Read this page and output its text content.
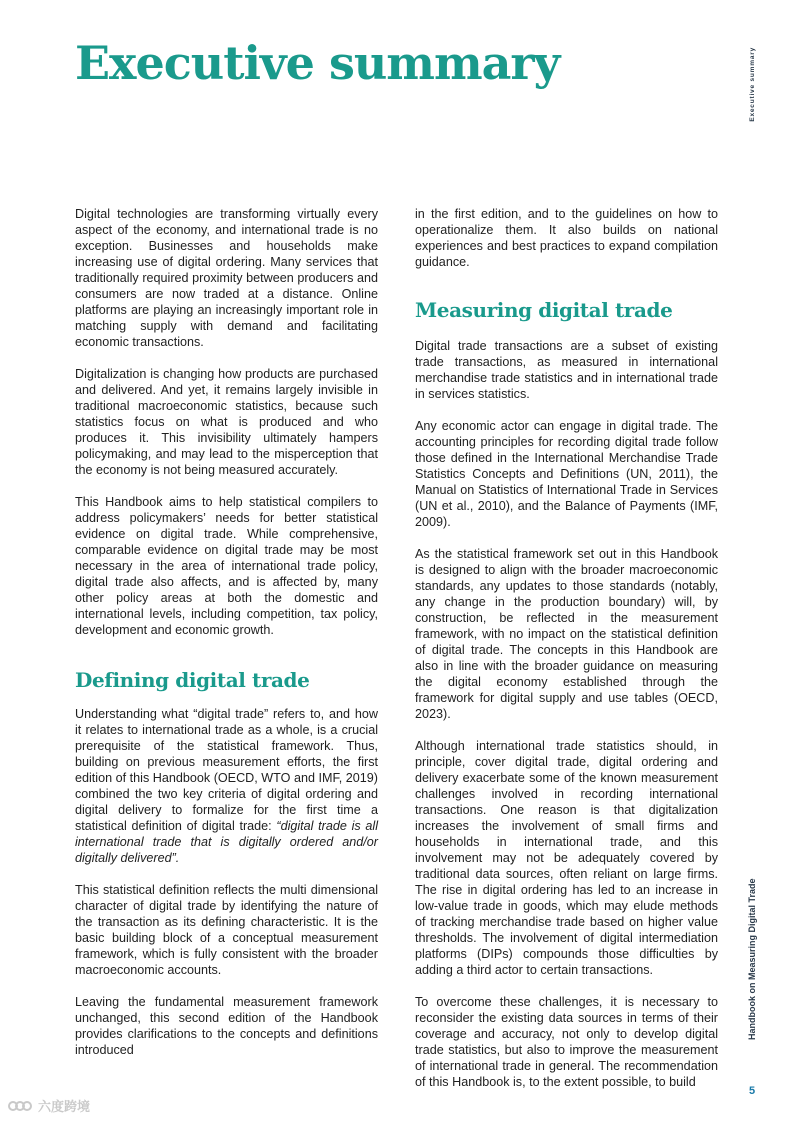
Executive summary	Executive summary

Digital technologies are transforming virtually every aspect of the economy, and international trade is no exception. Businesses and households make increasing use of digital ordering. Many services that traditionally required proximity between producers and consumers are now traded at a distance. Online platforms are playing an increasingly important role in matching supply with demand and facilitating economic transactions.

Digitalization is changing how products are purchased and delivered. And yet, it remains largely invisible in traditional macroeconomic statistics, because such statistics focus on what is produced and who produces it. This invisibility ultimately hampers policymaking, and may lead to the misperception that the economy is not being measured accurately.

This Handbook aims to help statistical compilers to address policymakers’ needs for better statistical evidence on digital trade. While comprehensive, comparable evidence on digital trade may be most necessary in the area of international trade policy, digital trade also affects, and is affected by, many other policy areas at both the domestic and international levels, including competition, tax policy, development and economic growth.

Defining digital trade

Understanding what “digital trade” refers to, and how it relates to international trade as a whole, is a crucial prerequisite of the statistical framework. Thus, building on previous measurement efforts, the first edition of this Handbook (OECD, WTO and IMF, 2019) combined the two key criteria of digital ordering and digital delivery to formalize for the first time a statistical definition of digital trade: “digital trade is all international trade that is digitally ordered and/or digitally delivered”.

This statistical definition reflects the multi dimensional character of digital trade by identifying the nature of the transaction as its defining characteristic. It is the basic building block of a conceptual measurement framework, which is fully consistent with the broader macroeconomic accounts.

Leaving the fundamental measurement framework unchanged, this second edition of the Handbook provides clarifications to the concepts and definitions introduced

in the first edition, and to the guidelines on how to operationalize them. It also builds on national experiences and best practices to expand compilation guidance.

Measuring digital trade

Digital trade transactions are a subset of existing trade transactions, as measured in international merchandise trade statistics and in international trade in services statistics.

Any economic actor can engage in digital trade. The accounting principles for recording digital trade follow those defined in the International Merchandise Trade Statistics Concepts and Definitions (UN, 2011), the Manual on Statistics of International Trade in Services (UN et al., 2010), and the Balance of Payments (IMF, 2009).

As the statistical framework set out in this Handbook is designed to align with the broader macroeconomic standards, any updates to those standards (notably, any change in the production boundary) will, by construction, be reflected in the measurement framework, with no impact on the statistical definition of digital trade. The concepts in this Handbook are also in line with the broader guidance on measuring the digital economy established through the framework for digital supply and use tables (OECD, 2023).

Although international trade statistics should, in principle, cover digital trade, digital ordering and delivery exacerbate some of the known measurement challenges involved in recording international transactions. One reason is that digitalization increases the involvement of small firms and households in international trade, and this involvement may not be adequately covered by traditional data sources, often reliant on large firms. The rise in digital ordering has led to an increase in low-value trade in goods, which may elude methods of tracking merchandise trade based on higher value thresholds. The involvement of digital intermediation platforms (DIPs) compounds those difficulties by adding a third actor to certain transactions.

To overcome these challenges, it is necessary to reconsider the existing data sources in terms of their coverage and accuracy, not only to develop digital trade statistics, but also to improve the measurement of international trade in general. The recommendation of this Handbook is, to the extent possible, to build

Handbook on Measuring Digital Trade
5
六度跨境
